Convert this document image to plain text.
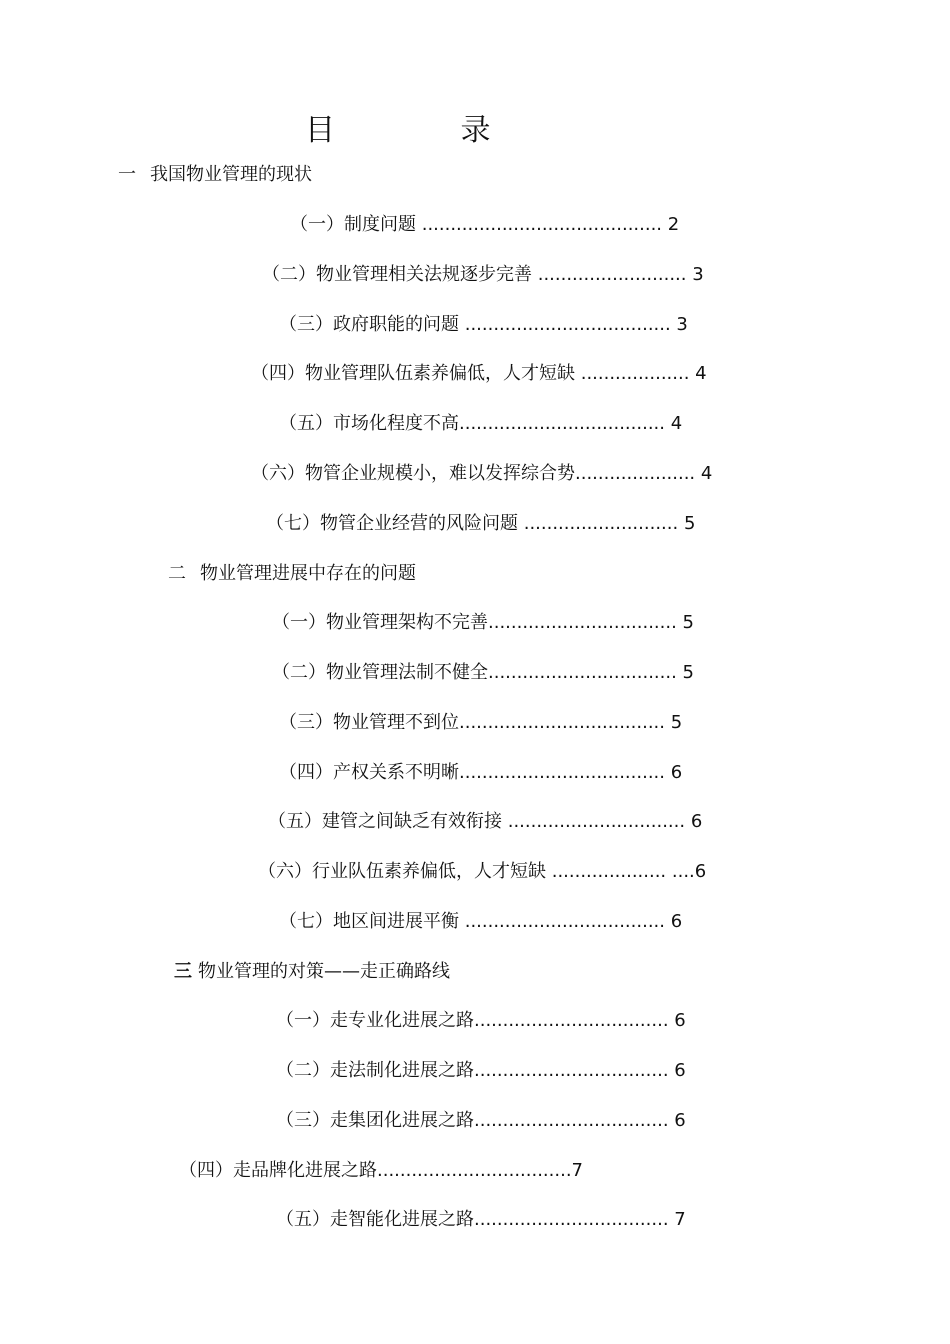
目 录
一 我国物业管理的现状
（一）制度问题 .......................................... 2
（二）物业管理相关法规逐步完善 .......................... 3
（三）政府职能的问题 .................................... 3
（四）物业管理队伍素养偏低，人才短缺 ................... 4
（五）市场化程度不高.................................... 4
（六）物管企业规模小，难以发挥综合势..................... 4
（七）物管企业经营的风险问题 ........................... 5
二 物业管理进展中存在的问题
（一）物业管理架构不完善................................. 5
（二）物业管理法制不健全................................. 5
（三）物业管理不到位.................................... 5
（四）产权关系不明晰.................................... 6
（五）建管之间缺乏有效衔接 ............................... 6
（六）行业队伍素养偏低，人才短缺 .................... ....6
（七）地区间进展平衡 ................................... 6
三 物业管理的对策——走正确路线
（一）走专业化进展之路.................................. 6
（二）走法制化进展之路.................................. 6
（三）走集团化进展之路.................................. 6
（四）走品牌化进展之路..................................7
（五）走智能化进展之路.................................. 7
